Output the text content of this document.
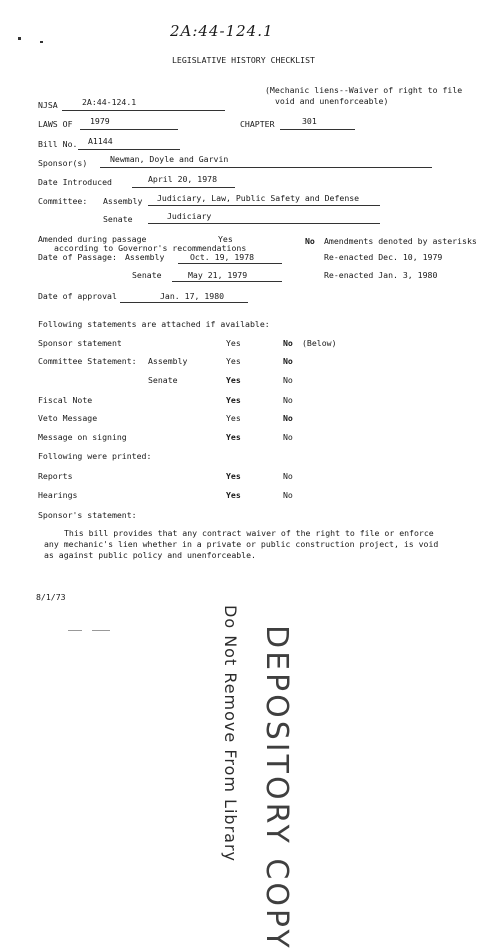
2A:44-124.1
LEGISLATIVE HISTORY CHECKLIST
(Mechanic liens--Waiver of right to file
void and unenforceable)
NJSA	2A:44-124.1
LAWS OF 1979	CHAPTER	301
Bill No. A1144
Sponsor(s)	Newman, Doyle and Garvin
Date Introduced	April 20, 1978
Committee: Assembly Judiciary, Law, Public Safety and Defense
Senate	Judiciary
Amended during passage	Yes	No Amendments denoted by asterisks
according to Governor's recommendations
Date of Passage: Assembly	Oct. 19, 1978	Re-enacted Dec. 10, 1979
Senate	May 21, 1979	Re-enacted Jan. 3, 1980
Date of approval	Jan. 17, 1980
Following statements are attached if available:
Sponsor statement	Yes	No (Below)
Committee Statement: Assembly	Yes	No
Senate	Yes	No
Fiscal Note	Yes	No
Veto Message	Yes	No
Message on signing	Yes	No
Following were printed:
Reports	Yes	No
Hearings	Yes	No
Sponsor's statement:
This bill provides that any contract waiver of the right to file or enforce
any mechanic's lien whether in a private or public construction project, is void
as against public policy and unenforceable.
8/1/73
DEPOSITORY COPY
Do Not Remove From Library
